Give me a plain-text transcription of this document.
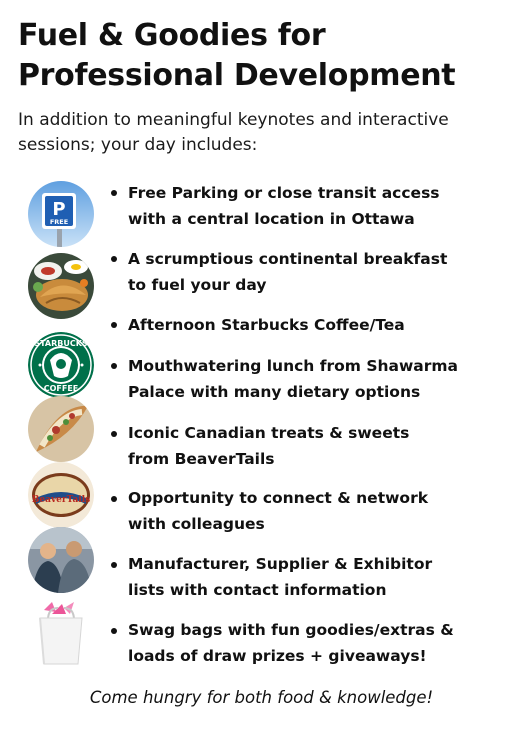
Fuel & Goodies for
Professional Development
In addition to meaningful keynotes and interactive sessions; your day includes:
P
FREE
Free Parking or close transit access
with a central location in Ottawa
A scrumptious continental breakfast
to fuel your day
Afternoon Starbucks Coffee/Tea
STARBUCKS
COFFEE
Mouthwatering lunch from Shawarma
Palace with many dietary options
Iconic Canadian treats & sweets
from BeaverTails
BeaverTails Opportunity to connect & network
with colleagues
Manufacturer, Supplier & Exhibitor
lists with contact information
Swag bags with fun goodies/extras &
loads of draw prizes + giveaways!
Come hungry for both food & knowledge!
